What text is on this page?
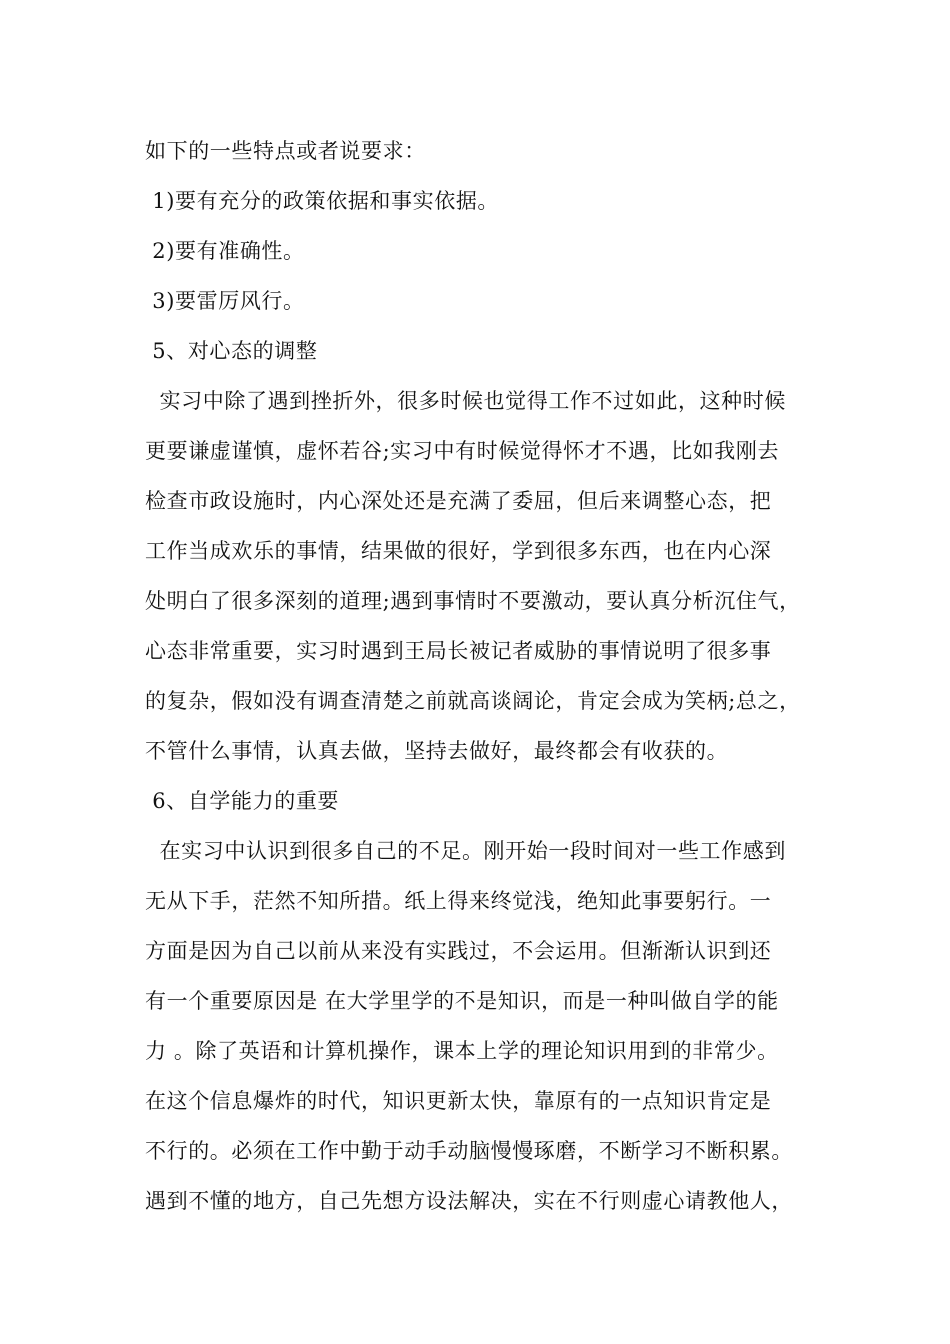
如下的一些特点或者说要求：
1)要有充分的政策依据和事实依据。
2)要有准确性。
3)要雷厉风行。
5、对心态的调整
实习中除了遇到挫折外，很多时候也觉得工作不过如此，这种时候
更要谦虚谨慎，虚怀若谷;实习中有时候觉得怀才不遇，比如我刚去
检查市政设施时，内心深处还是充满了委屈，但后来调整心态，把
工作当成欢乐的事情，结果做的很好，学到很多东西，也在内心深
处明白了很多深刻的道理;遇到事情时不要激动，要认真分析沉住气，
心态非常重要，实习时遇到王局长被记者威胁的事情说明了很多事
的复杂，假如没有调查清楚之前就高谈阔论，肯定会成为笑柄;总之，
不管什么事情，认真去做，坚持去做好，最终都会有收获的。
6、自学能力的重要
在实习中认识到很多自己的不足。刚开始一段时间对一些工作感到
无从下手，茫然不知所措。纸上得来终觉浅，绝知此事要躬行。一
方面是因为自己以前从来没有实践过，不会运用。但渐渐认识到还
有一个重要原因是 在大学里学的不是知识，而是一种叫做自学的能
力 。除了英语和计算机操作，课本上学的理论知识用到的非常少。
在这个信息爆炸的时代，知识更新太快，靠原有的一点知识肯定是
不行的。必须在工作中勤于动手动脑慢慢琢磨，不断学习不断积累。
遇到不懂的地方，自己先想方设法解决，实在不行则虚心请教他人，
